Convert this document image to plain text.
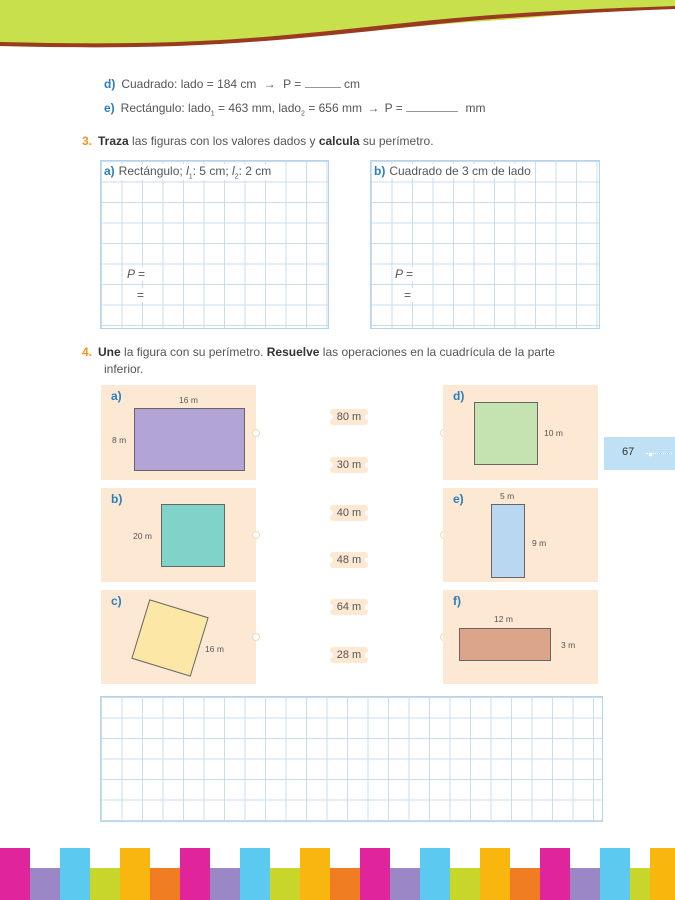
d) Cuadrado: lado = 184 cm → P =	cm
e) Rectángulo: lado$_1$ = 463 mm, lado$_2$ = 656 mm → P =	mm
3. Traza las figuras con los valores dados y calcula su perímetro.
a) Rectángulo; $l_1$: 5 cm; $l_2$: 2 cm
P =
=
b) Cuadrado de 3 cm de lado
P =
=
4. Une la figura con su perímetro. Resuelve las operaciones en la cuadrícula de la parte
inferior.
a)	16 m
8 m
b)
20 m
c)
16 m
80 m
30 m
40 m
48 m
64 m
28 m
d)
10 m
e)	5 m
9 m
f)
12 m
3 m
67 ●
